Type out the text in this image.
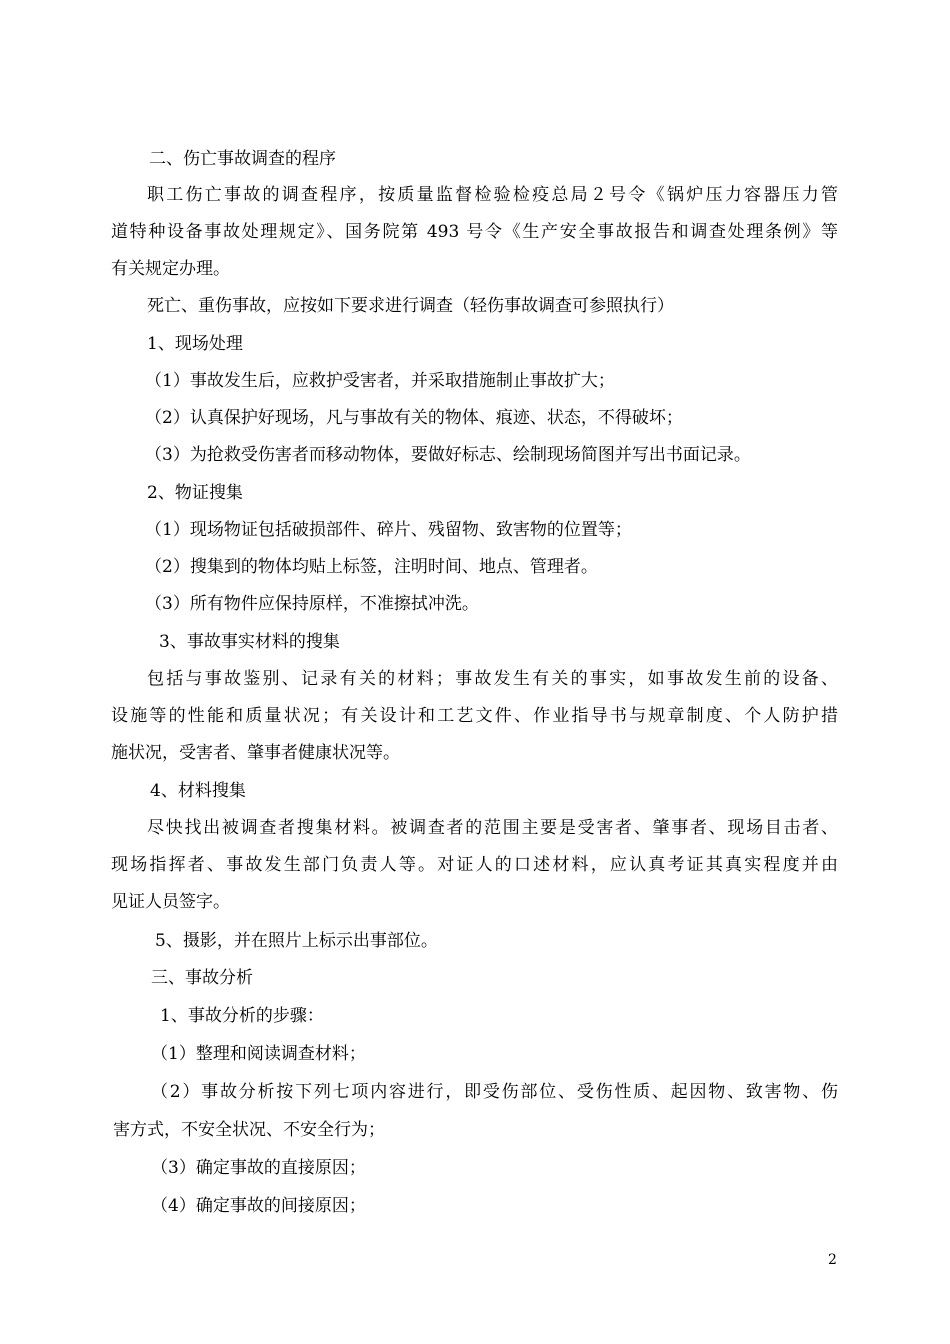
二、伤亡事故调查的程序
职工伤亡事故的调查程序，按质量监督检验检疫总局２号令《锅炉压力容器压力管
道特种设备事故处理规定》、国务院第 493 号令《生产安全事故报告和调查处理条例》等
有关规定办理。
死亡、重伤事故，应按如下要求进行调查（轻伤事故调查可参照执行）
1、现场处理
（1）事故发生后，应救护受害者，并采取措施制止事故扩大；
（2）认真保护好现场，凡与事故有关的物体、痕迹、状态，不得破坏；
（3）为抢救受伤害者而移动物体，要做好标志、绘制现场简图并写出书面记录。
2、物证搜集
（1）现场物证包括破损部件、碎片、残留物、致害物的位置等；
（2）搜集到的物体均贴上标签，注明时间、地点、管理者。
（3）所有物件应保持原样，不准擦拭冲洗。
3、事故事实材料的搜集
包括与事故鉴别、记录有关的材料；事故发生有关的事实，如事故发生前的设备、
设施等的性能和质量状况；有关设计和工艺文件、作业指导书与规章制度、个人防护措
施状况，受害者、肇事者健康状况等。
4、材料搜集
尽快找出被调查者搜集材料。被调查者的范围主要是受害者、肇事者、现场目击者、
现场指挥者、事故发生部门负责人等。对证人的口述材料，应认真考证其真实程度并由
见证人员签字。
5、摄影，并在照片上标示出事部位。
三、事故分析
1、事故分析的步骤：
（1）整理和阅读调查材料；
（2）事故分析按下列七项内容进行，即受伤部位、受伤性质、起因物、致害物、伤
害方式，不安全状况、不安全行为；
（3）确定事故的直接原因；
（4）确定事故的间接原因；
2
